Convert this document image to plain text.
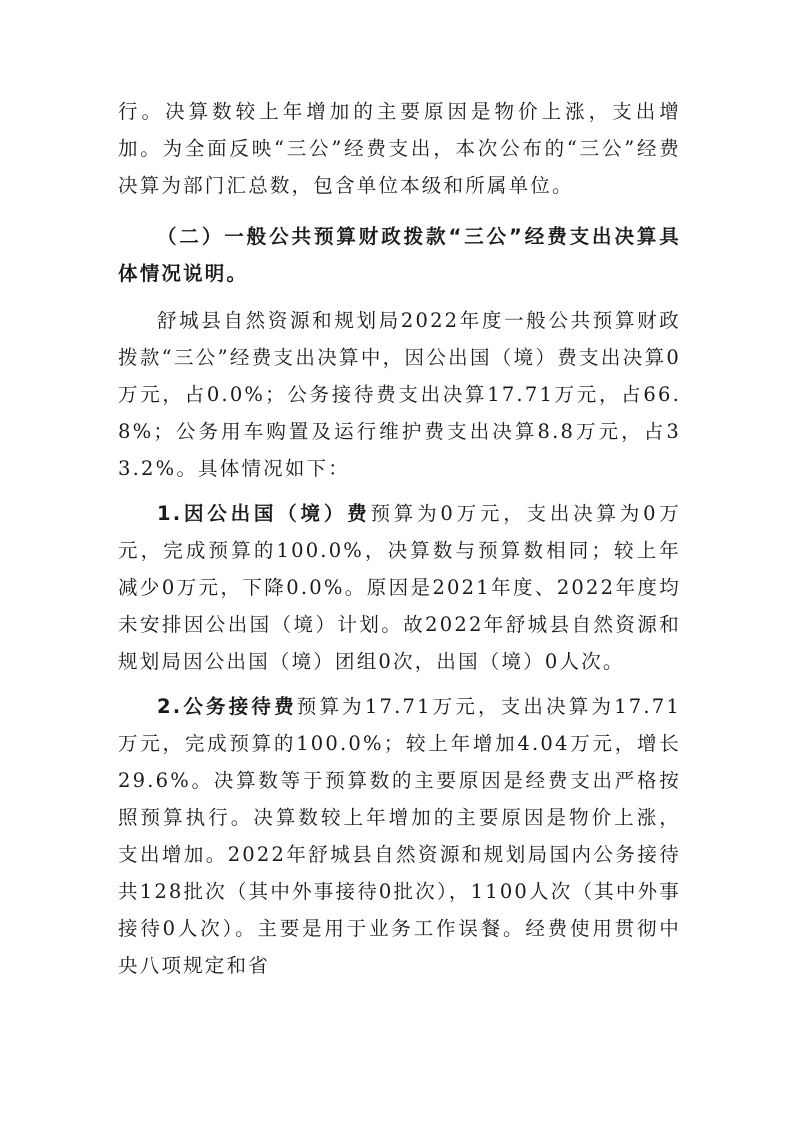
行。决算数较上年增加的主要原因是物价上涨，支出增加。为全面反映“三公”经费支出，本次公布的“三公”经费决算为部门汇总数，包含单位本级和所属单位。

（二）一般公共预算财政拨款“三公”经费支出决算具体情况说明。

舒城县自然资源和规划局2022年度一般公共预算财政拨款“三公”经费支出决算中，因公出国（境）费支出决算0万元，占0.0%；公务接待费支出决算17.71万元，占66.8%；公务用车购置及运行维护费支出决算8.8万元，占33.2%。具体情况如下：

1.因公出国（境）费预算为0万元，支出决算为0万元，完成预算的100.0%，决算数与预算数相同；较上年减少0万元，下降0.0%。原因是2021年度、2022年度均未安排因公出国（境）计划。故2022年舒城县自然资源和规划局因公出国（境）团组0次，出国（境）0人次。

2.公务接待费预算为17.71万元，支出决算为17.71万元，完成预算的100.0%；较上年增加4.04万元，增长29.6%。决算数等于预算数的主要原因是经费支出严格按照预算执行。决算数较上年增加的主要原因是物价上涨，支出增加。2022年舒城县自然资源和规划局国内公务接待共128批次（其中外事接待0批次），1100人次（其中外事接待0人次）。主要是用于业务工作误餐。经费使用贯彻中央八项规定和省
